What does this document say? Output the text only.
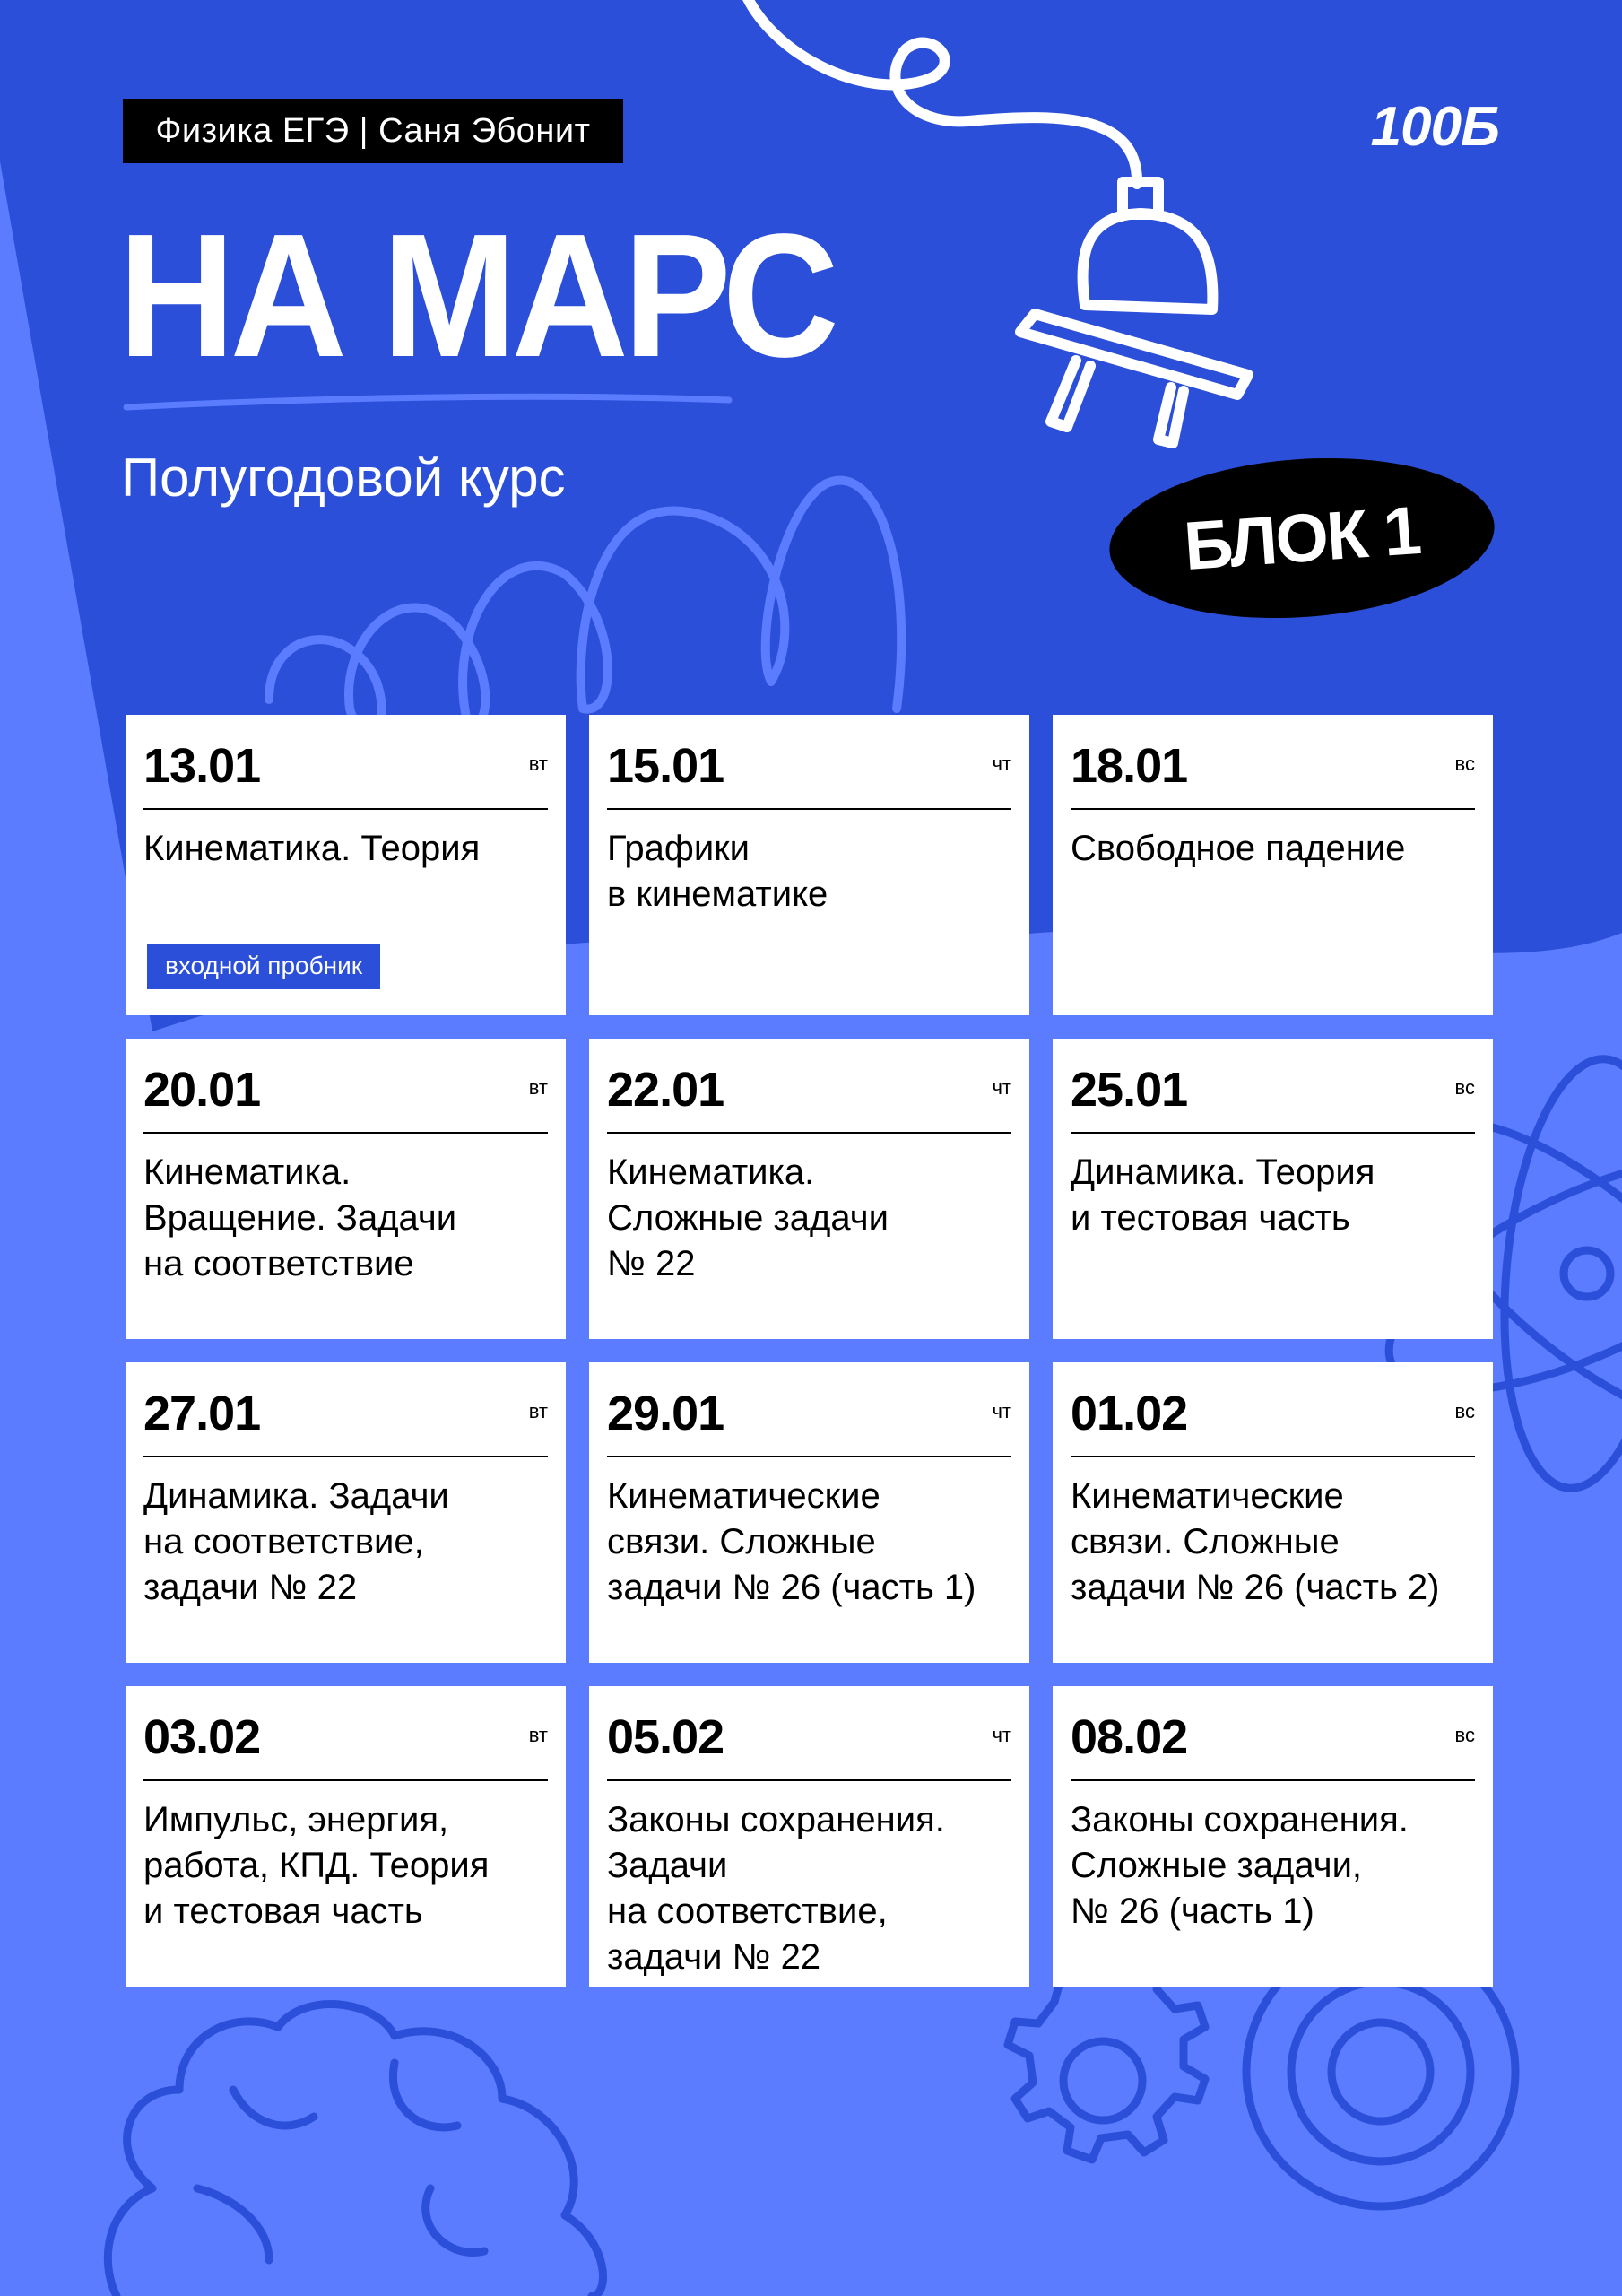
Физика ЕГЭ | Саня Эбонит	100Б
НА МАРС
Полугодовой курс
БЛОК 1
13.01	вт
Кинематика. Теория
входной пробник
15.01	чт
Графики
в кинематике
18.01	вс
Свободное падение
20.01	вт
Кинематика.
Вращение. Задачи
на соответствие
22.01	чт
Кинематика.
Сложные задачи
№ 22
25.01	вс
Динамика. Теория
и тестовая часть
27.01	вт
Динамика. Задачи
на соответствие,
задачи № 22
29.01	чт
Кинематические
связи. Сложные
задачи № 26 (часть 1)
01.02	вс
Кинематические
связи. Сложные
задачи № 26 (часть 2)
03.02	вт
Импульс, энергия,
работа, КПД. Теория
и тестовая часть
05.02	чт
Законы сохранения.
Задачи
на соответствие,
задачи № 22
08.02	вс
Законы сохранения.
Сложные задачи,
№ 26 (часть 1)
